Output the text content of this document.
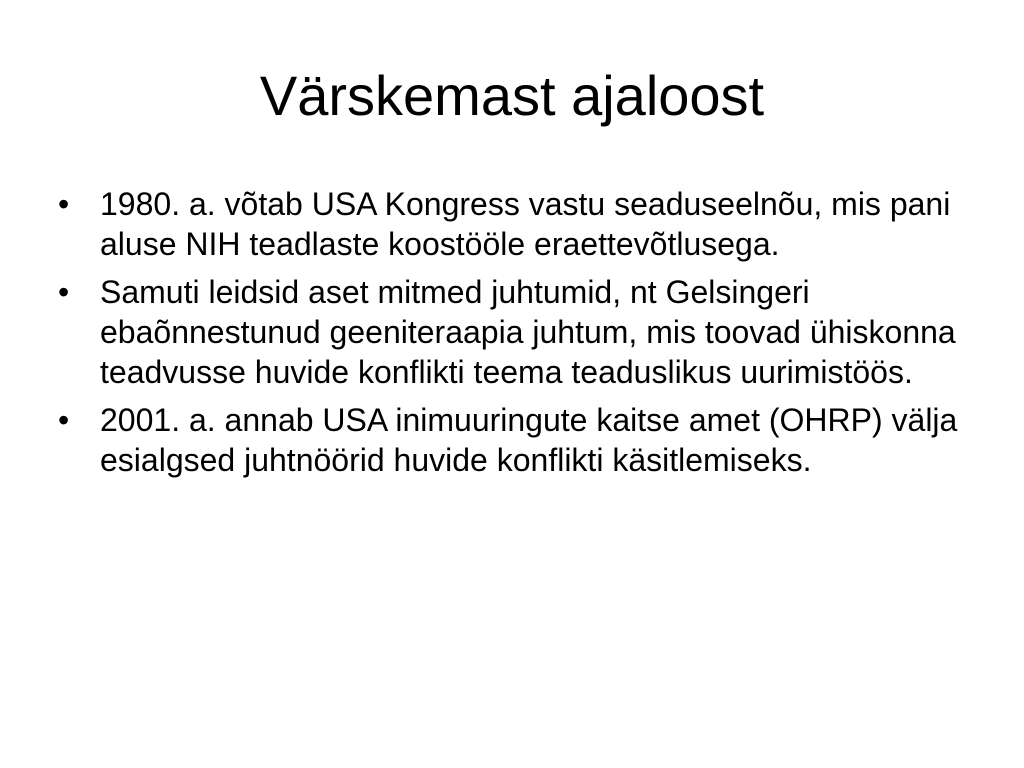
Värskemast ajaloost
• 1980. a. võtab USA Kongress vastu seaduseelnõu, mis pani aluse NIH teadlaste koostööle eraettevõtlusega.
• Samuti leidsid aset mitmed juhtumid, nt Gelsingeri ebaõnnestunud geeniteraapia juhtum, mis toovad ühiskonna teadvusse huvide konflikti teema teaduslikus uurimistöös.
• 2001. a. annab USA inimuuringute kaitse amet (OHRP) välja esialgsed juhtnöörid huvide konflikti käsitlemiseks.
